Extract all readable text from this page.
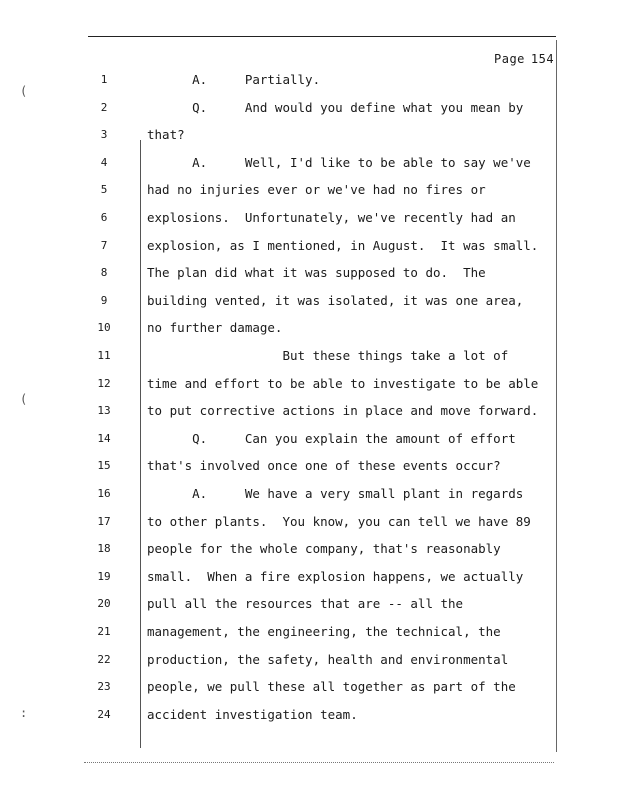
Page 154
(
(
:
1	A.     Partially.
2	Q.     And would you define what you mean by
3	that?
4	A.     Well, I'd like to be able to say we've
5	had no injuries ever or we've had no fires or
6	explosions.  Unfortunately, we've recently had an
7	explosion, as I mentioned, in August.  It was small.
8	The plan did what it was supposed to do.  The
9	building vented, it was isolated, it was one area,
10	no further damage.
11	But these things take a lot of
12	time and effort to be able to investigate to be able
13	to put corrective actions in place and move forward.
14	Q.     Can you explain the amount of effort
15	that's involved once one of these events occur?
16	A.     We have a very small plant in regards
17	to other plants.  You know, you can tell we have 89
18	people for the whole company, that's reasonably
19	small.  When a fire explosion happens, we actually
20	pull all the resources that are -- all the
21	management, the engineering, the technical, the
22	production, the safety, health and environmental
23	people, we pull these all together as part of the
24	accident investigation team.
